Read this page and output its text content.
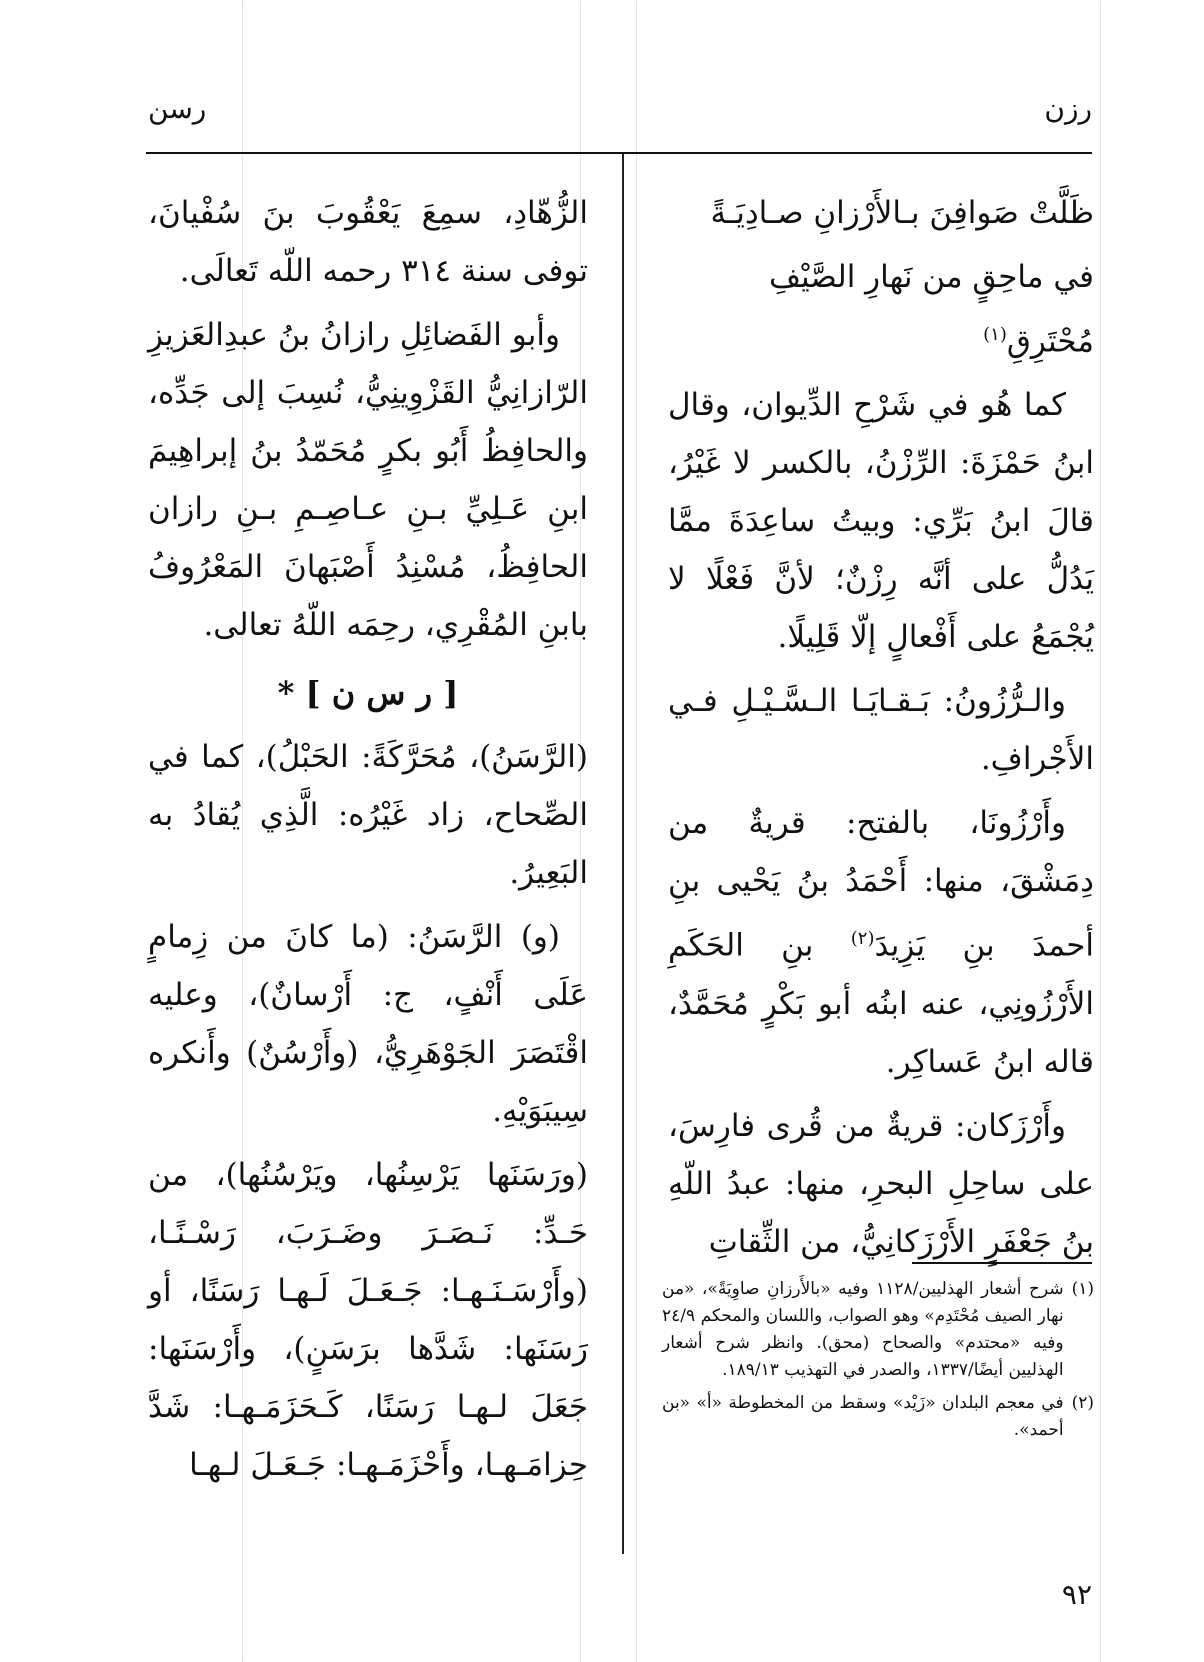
رزن
رسن

ظَلَّتْ صَوافِنَ بـالأَرْزانِ صـادِيَـةً

في ماحِقٍ من نَهارِ الصَّيْفِ مُحْتَرِقِ$^{(١)}$

كما هُو في شَرْحِ الدِّيوان، وقال ابنُ حَمْزَةَ: الرِّزْنُ، بالكسر لا غَيْرُ، قالَ ابنُ بَرِّي: وبيتُ ساعِدَةَ ممَّا يَدُلُّ على أنَّه رِزْنٌ؛ لأنَّ فَعْلًا لا يُجْمَعُ على أَفْعالٍ إلّا قَلِيلًا.

والـرُّزُونُ: بَـقـايَـا الـسَّـيْـلِ فـي الأَجْرافِ.

وأَرْزُونَا، بالفتح: قريةٌ من دِمَشْقَ، منها: أَحْمَدُ بنُ يَحْيى بنِ أحمدَ بنِ يَزِيدَ$^{(٢)}$ بنِ الحَكَمِ الأَرْزُونِي، عنه ابنُه أبو بَكْرٍ مُحَمَّدٌ، قاله ابنُ عَساكِر.

وأَرْزَكان: قريةٌ من قُرى فارِسَ، على ساحِلِ البحرِ، منها: عبدُ اللّهِ بنُ جَعْفَرٍ الأَرْزَكانِيُّ، من الثِّقاتِ

الزُّهّادِ، سمِعَ يَعْقُوبَ بنَ سُفْيانَ، توفى سنة ٣١٤ رحمه اللّه تَعالَى.

وأبو الفَضائِلِ رازانُ بنُ عبدِالعَزيزِ الرّازانِيُّ القَزْوِينِيُّ، نُسِبَ إلى جَدِّه، والحافِظُ أَبُو بكرٍ مُحَمّدُ بنُ إبراهِيمَ ابنِ عَـلِيِّ بـنِ عـاصِـمِ بـنِ رازان الحافِظُ، مُسْنِدُ أَصْبَهانَ المَعْرُوفُ بابنِ المُقْرِي، رحِمَه اللّهُ تعالى.

[ ر س ن ] *

(الرَّسَنُ)، مُحَرَّكَةً: الحَبْلُ)، كما في الصِّحاح، زاد غَيْرُه: الَّذِي يُقادُ به البَعِيرُ.

(و) الرَّسَنُ: (ما كانَ من زِمامٍ عَلَى أَنْفٍ، ج: أَرْسانٌ)، وعليه اقْتَصَرَ الجَوْهَرِيُّ، (وأَرْسُنٌ) وأَنكره سِيبَوَيْهِ.

(ورَسَنَها يَرْسِنُها، ويَرْسُنُها)، من حَـدِّ: نَـصَـرَ وضَـرَبَ، رَسْـنًـا، (وأَرْسَـنَـهـا: جَـعَـلَ لَـهـا رَسَنًا، أو رَسَنَها: شَدَّها برَسَنٍ)، وأَرْسَنَها: جَعَلَ لـهـا رَسَنًا، كَـحَزَمَـهـا: شَدَّ حِزامَـهـا، وأَحْزَمَـهـا: جَـعَـلَ لـهـا

(١)
شرح أشعار الهذليين/١١٢٨ وفيه «بالأَرزانِ صاوِيَةً»، «من نهار الصيف مُحْتَدِم» وهو الصواب، واللسان والمحكم ٢٤/٩ وفيه «محتدم» والصحاح (محق). وانظر شرح أشعار الهذليين أيضًا/١٣٣٧، والصدر في التهذيب ١٨٩/١٣.
(٢)
في معجم البلدان «زَيْد» وسقط من المخطوطة «أ» «بن أحمد».
٩٢
